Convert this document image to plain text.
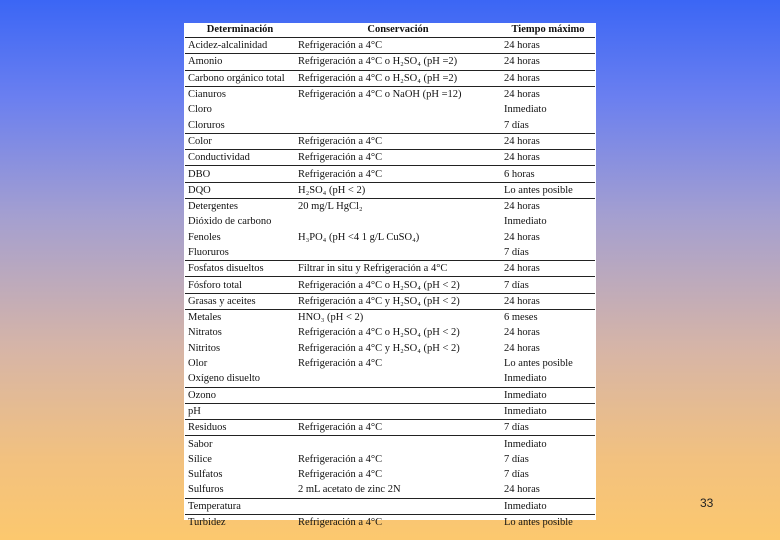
Determinación	Conservación	Tiempo máximo
Acidez-alcalinidad	Refrigeración a 4°C	24 horas
Amonio	Refrigeración a 4°C o H₂SO₄ (pH =2)	24 horas
Carbono orgánico total	Refrigeración a 4°C o H₂SO₄ (pH =2)	24 horas
Cianuros	Refrigeración a 4°C o NaOH (pH =12)	24 horas
Cloro		Inmediato
Cloruros		7 días
Color	Refrigeración a 4°C	24 horas
Conductividad	Refrigeración a 4°C	24 horas
DBO	Refrigeración a 4°C	6 horas
DQO	H₂SO₄ (pH < 2)	Lo antes posible
Detergentes	20 mg/L HgCl₂	24 horas
Dióxido de carbono		Inmediato
Fenoles	H₃PO₄ (pH <4 1 g/L CuSO₄)	24 horas
Fluoruros		7 días
Fosfatos disueltos	Filtrar in situ y Refrigeración a 4°C	24 horas
Fósforo total	Refrigeración a 4°C o H₂SO₄ (pH < 2)	7 días
Grasas y aceites	Refrigeración a 4°C y H₂SO₄ (pH < 2)	24 horas
Metales	HNO₃ (pH < 2)	6 meses
Nitratos	Refrigeración a 4°C o H₂SO₄ (pH < 2)	24 horas
Nitritos	Refrigeración a 4°C y H₂SO₄ (pH < 2)	24 horas
Olor	Refrigeración a 4°C	Lo antes posible
Oxígeno disuelto		Inmediato
Ozono		Inmediato
pH		Inmediato
Residuos	Refrigeración a 4°C	7 días
Sabor		Inmediato
Sílice	Refrigeración a 4°C	7 días
Sulfatos	Refrigeración a 4°C	7 días
Sulfuros	2 mL acetato de zinc 2N	24 horas
Temperatura		Inmediato
Turbidez	Refrigeración a 4°C	Lo antes posible
33
